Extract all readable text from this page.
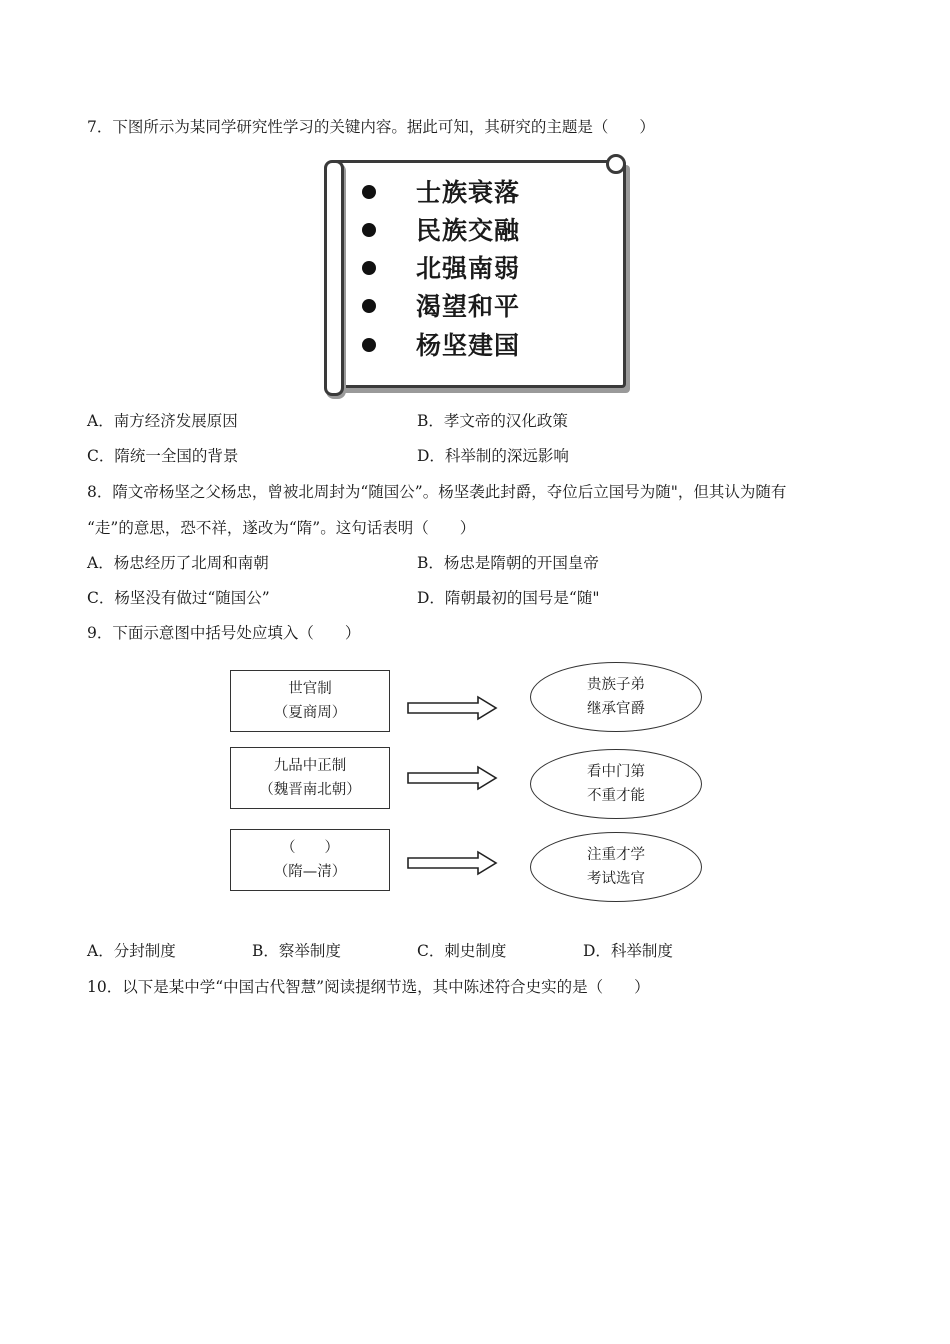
7．下图所示为某同学研究性学习的关键内容。据此可知，其研究的主题是（　　）
士族衰落
民族交融
北强南弱
渴望和平
杨坚建国
A．南方经济发展原因	B．孝文帝的汉化政策
C．隋统一全国的背景	D．科举制的深远影响
8．隋文帝杨坚之父杨忠，曾被北周封为“随国公”。杨坚袭此封爵，夺位后立国号为随"，但其认为随有
“走”的意思，恐不祥，遂改为“隋”。这句话表明（　　）
A．杨忠经历了北周和南朝	B．杨忠是隋朝的开国皇帝
C．杨坚没有做过“随国公”	D．隋朝最初的国号是“随"
9．下面示意图中括号处应填入（　　）
世官制
（夏商周）
贵族子弟
继承官爵
九品中正制
（魏晋南北朝）
看中门第
不重才能
（　　）
（隋—清）
注重才学
考试选官
A．分封制度	B．察举制度	C．刺史制度	D．科举制度
10．以下是某中学“中国古代智慧”阅读提纲节选，其中陈述符合史实的是（　　）
